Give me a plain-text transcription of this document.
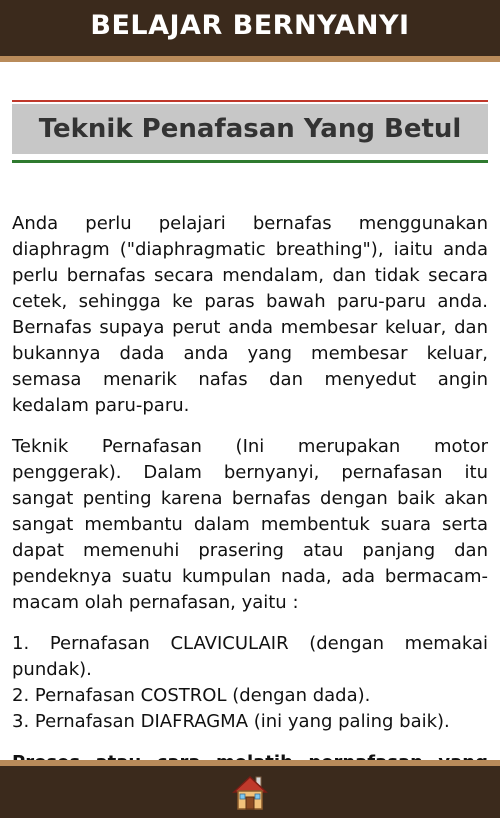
BELAJAR BERNYANYI
Teknik Penafasan Yang Betul

Anda perlu pelajari bernafas menggunakan diaphragm ("diaphragmatic breathing"), iaitu anda perlu bernafas secara mendalam, dan tidak secara cetek, sehingga ke paras bawah paru-paru anda. Bernafas supaya perut anda membesar keluar, dan bukannya dada anda yang membesar keluar, semasa menarik nafas dan menyedut angin kedalam paru-paru.

Teknik Pernafasan (Ini merupakan motor penggerak). Dalam bernyanyi, pernafasan itu sangat penting karena bernafas dengan baik akan sangat membantu dalam membentuk suara serta dapat memenuhi prasering atau panjang dan pendeknya suatu kumpulan nada, ada bermacam-macam olah pernafasan, yaitu :

1. Pernafasan CLAVICULAIR (dengan memakai pundak).
2. Pernafasan COSTROL (dengan dada).
3. Pernafasan DIAFRAGMA (ini yang paling baik).
